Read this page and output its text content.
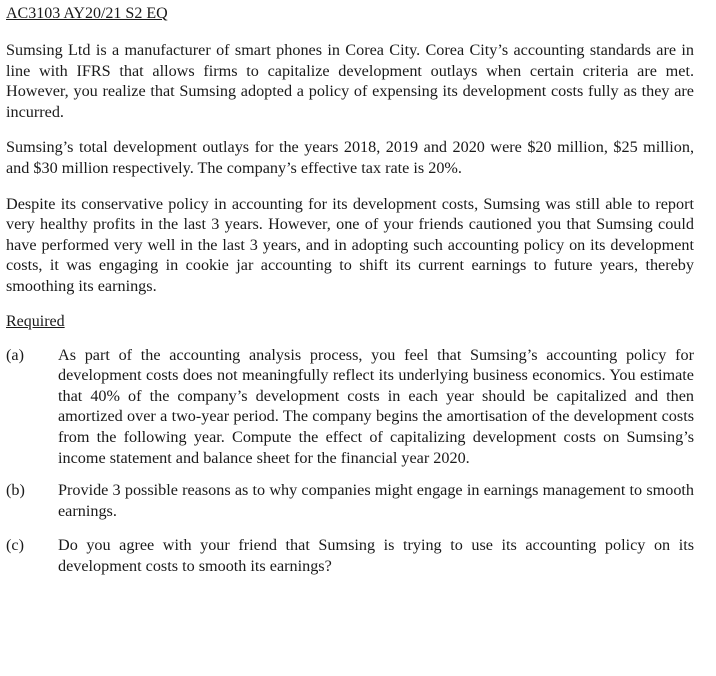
AC3103 AY20/21 S2 EQ

Sumsing Ltd is a manufacturer of smart phones in Corea City. Corea City’s accounting standards are in line with IFRS that allows firms to capitalize development outlays when certain criteria are met. However, you realize that Sumsing adopted a policy of expensing its development costs fully as they are incurred.

Sumsing’s total development outlays for the years 2018, 2019 and 2020 were $20 million, $25 million, and $30 million respectively. The company’s effective tax rate is 20%.

Despite its conservative policy in accounting for its development costs, Sumsing was still able to report very healthy profits in the last 3 years. However, one of your friends cautioned you that Sumsing could have performed very well in the last 3 years, and in adopting such accounting policy on its development costs, it was engaging in cookie jar accounting to shift its current earnings to future years, thereby smoothing its earnings.

Required
(a)	As part of the accounting analysis process, you feel that Sumsing’s accounting policy for development costs does not meaningfully reflect its underlying business economics. You estimate that 40% of the company’s development costs in each year should be capitalized and then amortized over a two-year period. The company begins the amortisation of the development costs from the following year. Compute the effect of capitalizing development costs on Sumsing’s income statement and balance sheet for the financial year 2020.
(b)	Provide 3 possible reasons as to why companies might engage in earnings management to smooth earnings.
(c)	Do you agree with your friend that Sumsing is trying to use its accounting policy on its development costs to smooth its earnings?
